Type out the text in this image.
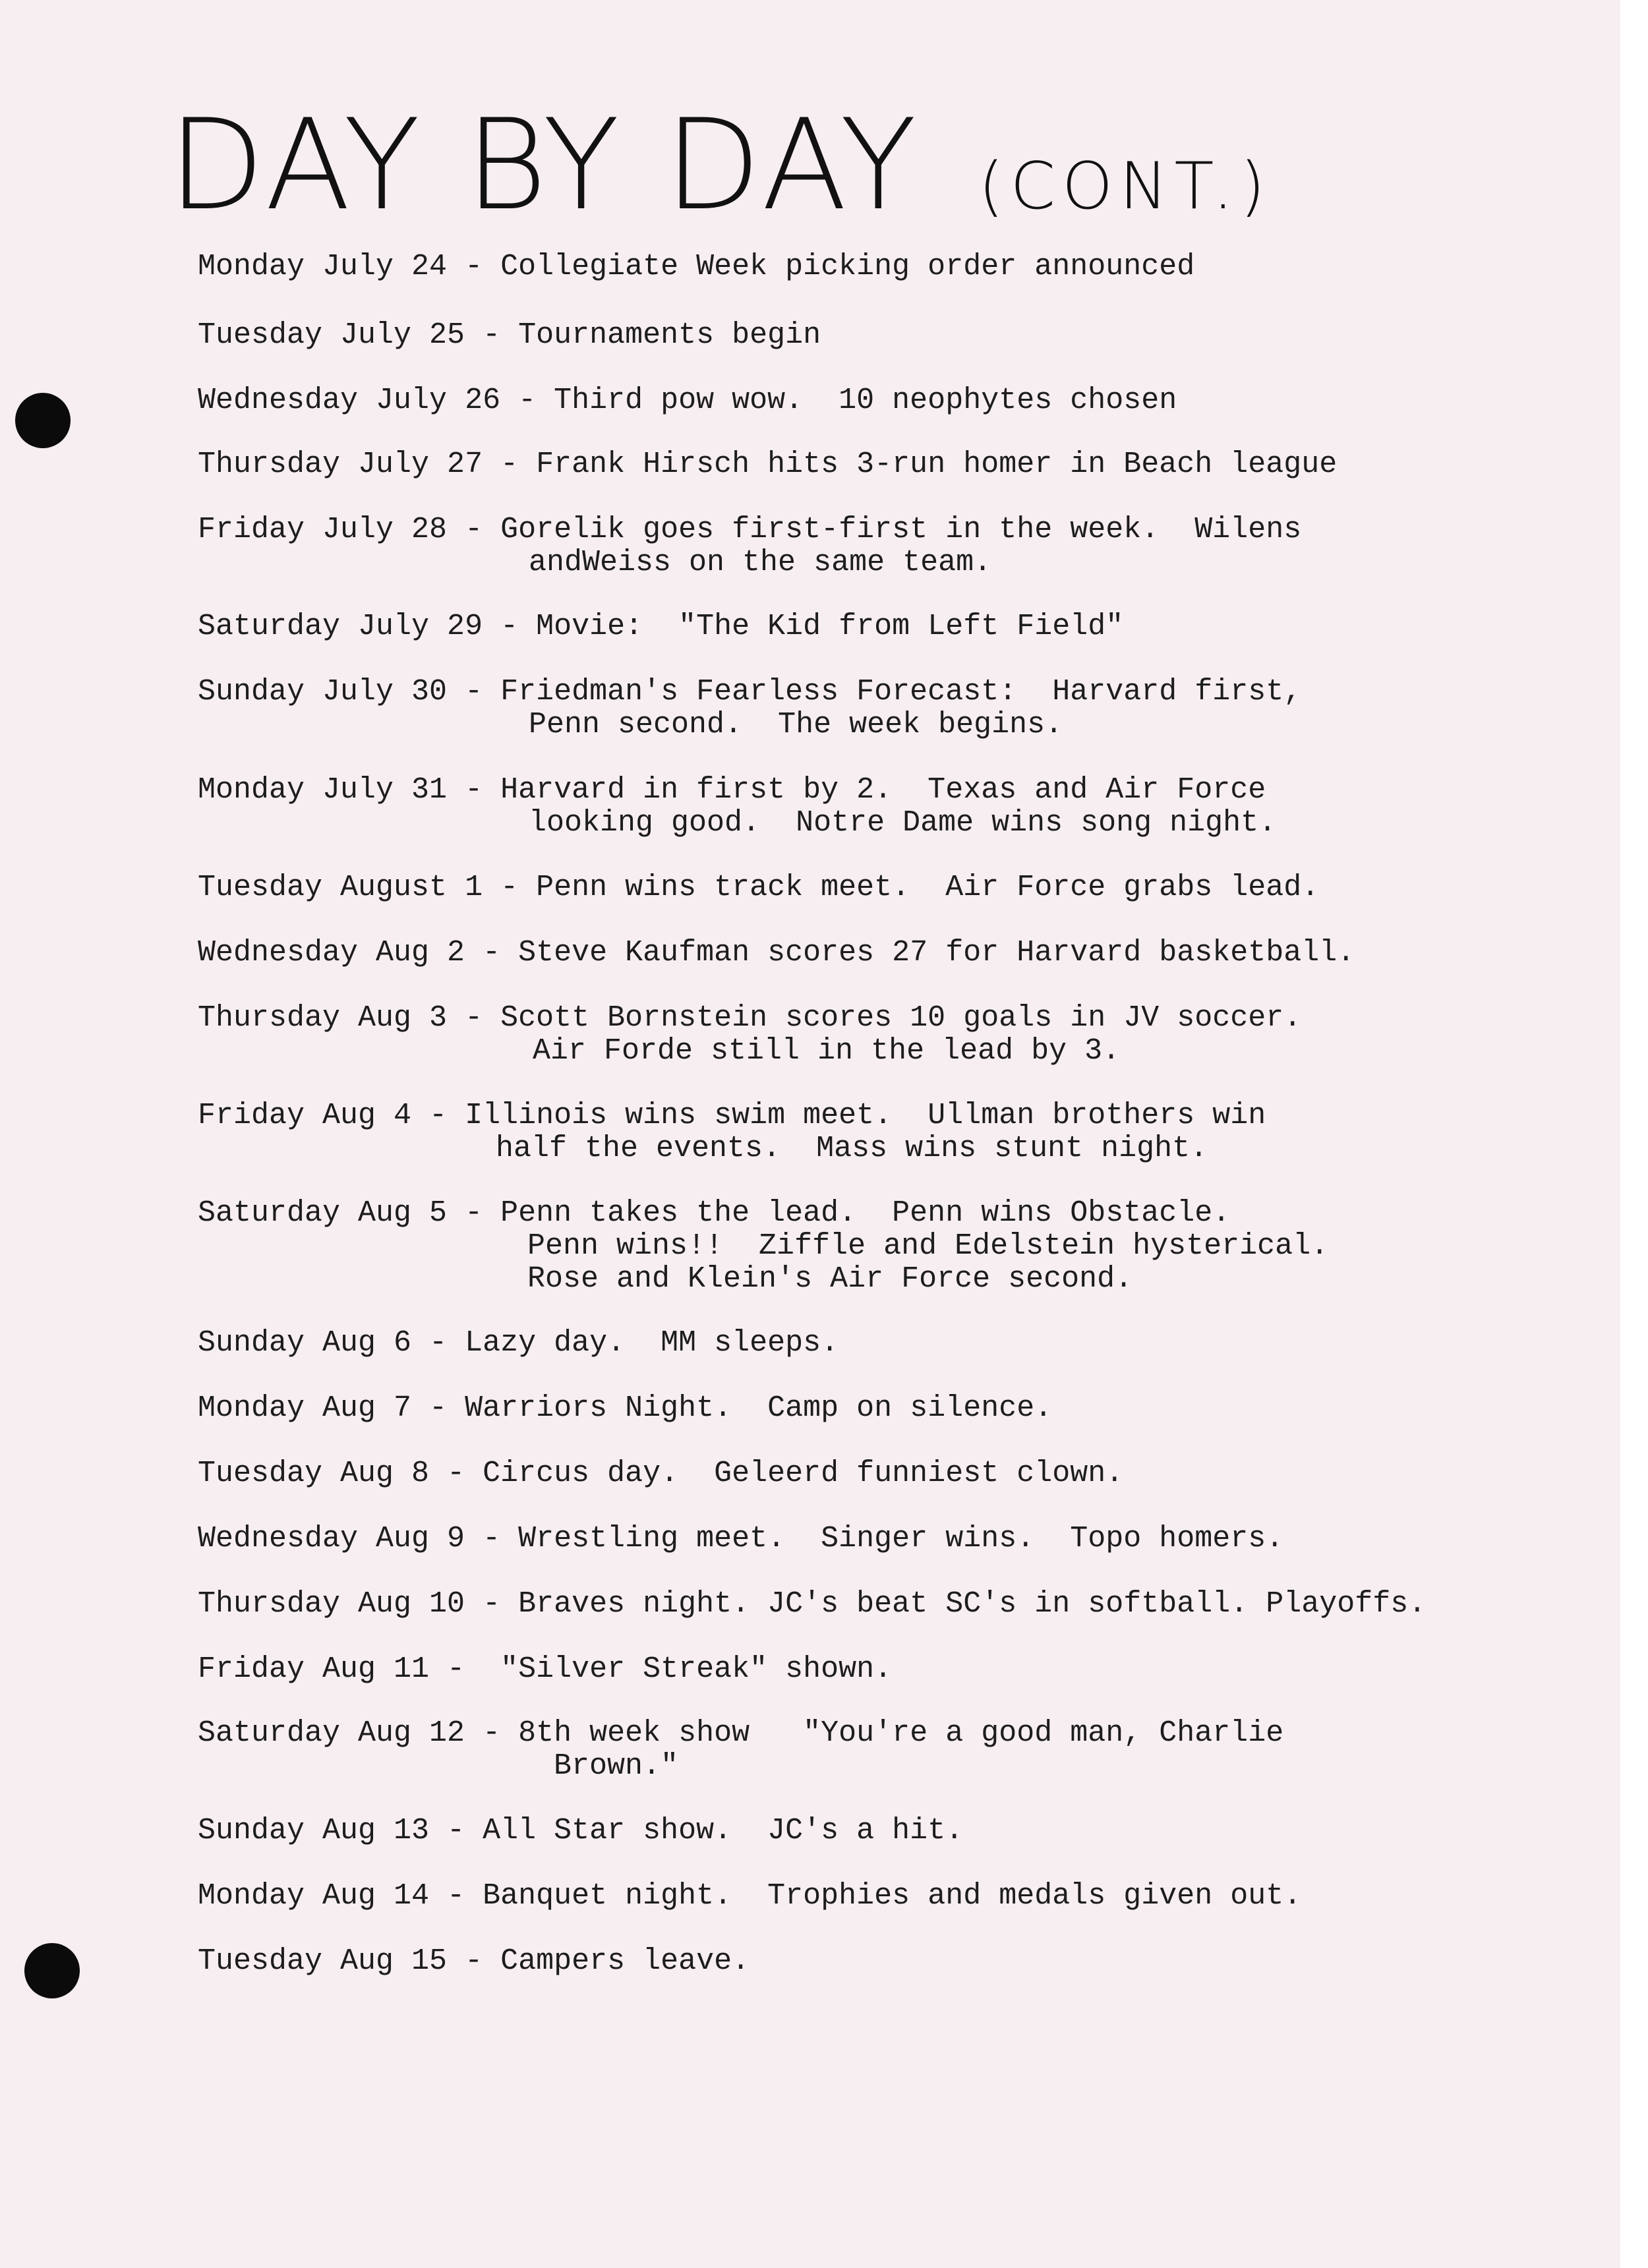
DAY BY DAY (CONT.)
Monday July 24 - Collegiate Week picking order announced
Tuesday July 25 - Tournaments begin
Wednesday July 26 - Third pow wow.  10 neophytes chosen
Thursday July 27 - Frank Hirsch hits 3-run homer in Beach league
Friday July 28 - Gorelik goes first-first in the week.  Wilens
andWeiss on the same team.
Saturday July 29 - Movie:  "The Kid from Left Field"
Sunday July 30 - Friedman's Fearless Forecast:  Harvard first,
Penn second.  The week begins.
Monday July 31 - Harvard in first by 2.  Texas and Air Force
looking good.  Notre Dame wins song night.
Tuesday August 1 - Penn wins track meet.  Air Force grabs lead.
Wednesday Aug 2 - Steve Kaufman scores 27 for Harvard basketball.
Thursday Aug 3 - Scott Bornstein scores 10 goals in JV soccer.
Air Forde still in the lead by 3.
Friday Aug 4 - Illinois wins swim meet.  Ullman brothers win
half the events.  Mass wins stunt night.
Saturday Aug 5 - Penn takes the lead.  Penn wins Obstacle.
Penn wins!!  Ziffle and Edelstein hysterical.
Rose and Klein's Air Force second.
Sunday Aug 6 - Lazy day.  MM sleeps.
Monday Aug 7 - Warriors Night.  Camp on silence.
Tuesday Aug 8 - Circus day.  Geleerd funniest clown.
Wednesday Aug 9 - Wrestling meet.  Singer wins.  Topo homers.
Thursday Aug 10 - Braves night. JC's beat SC's in softball. Playoffs.
Friday Aug 11 -  "Silver Streak" shown.
Saturday Aug 12 - 8th week show   "You're a good man, Charlie
Brown."
Sunday Aug 13 - All Star show.  JC's a hit.
Monday Aug 14 - Banquet night.  Trophies and medals given out.
Tuesday Aug 15 - Campers leave.
